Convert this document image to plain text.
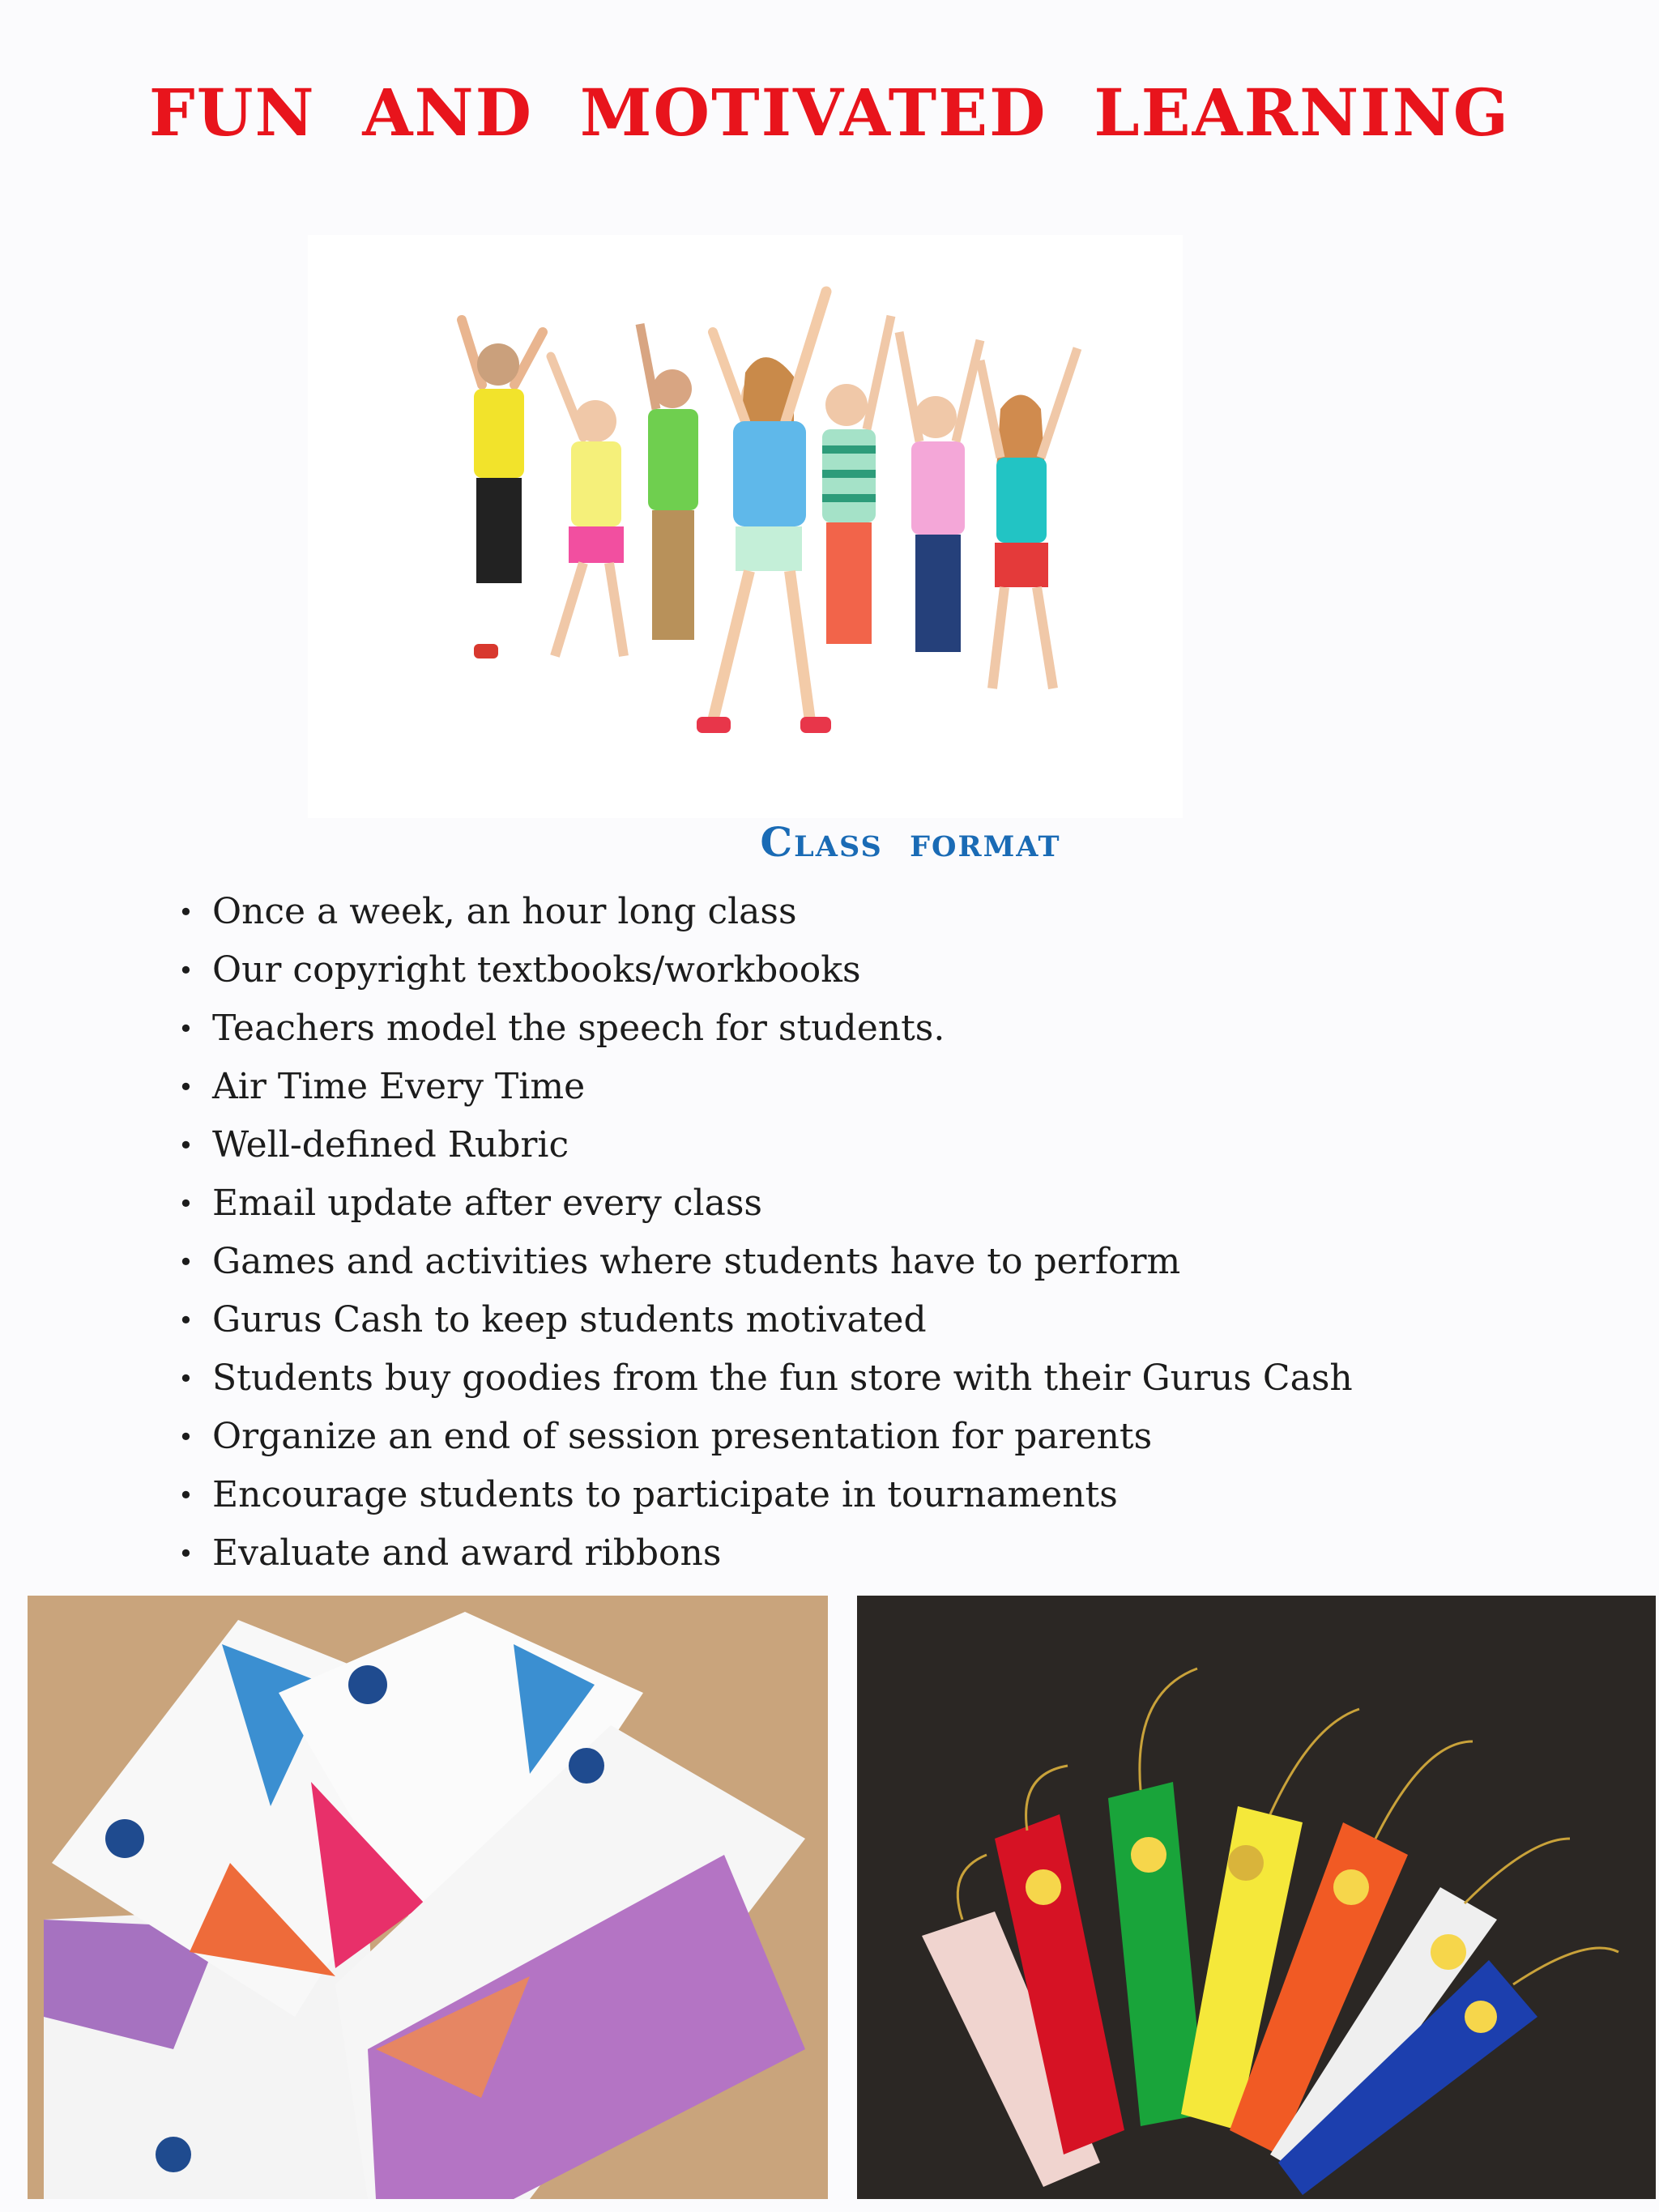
FUN AND MOTIVATED LEARNING
Class format
• Once a week, an hour long class
• Our copyright textbooks/workbooks
• Teachers model the speech for students.
• Air Time Every Time
• Well-defined Rubric
• Email update after every class
• Games and activities where students have to perform
• Gurus Cash to keep students motivated
• Students buy goodies from the fun store with their Gurus Cash
• Organize an end of session presentation for parents
• Encourage students to participate in tournaments
• Evaluate and award ribbons
